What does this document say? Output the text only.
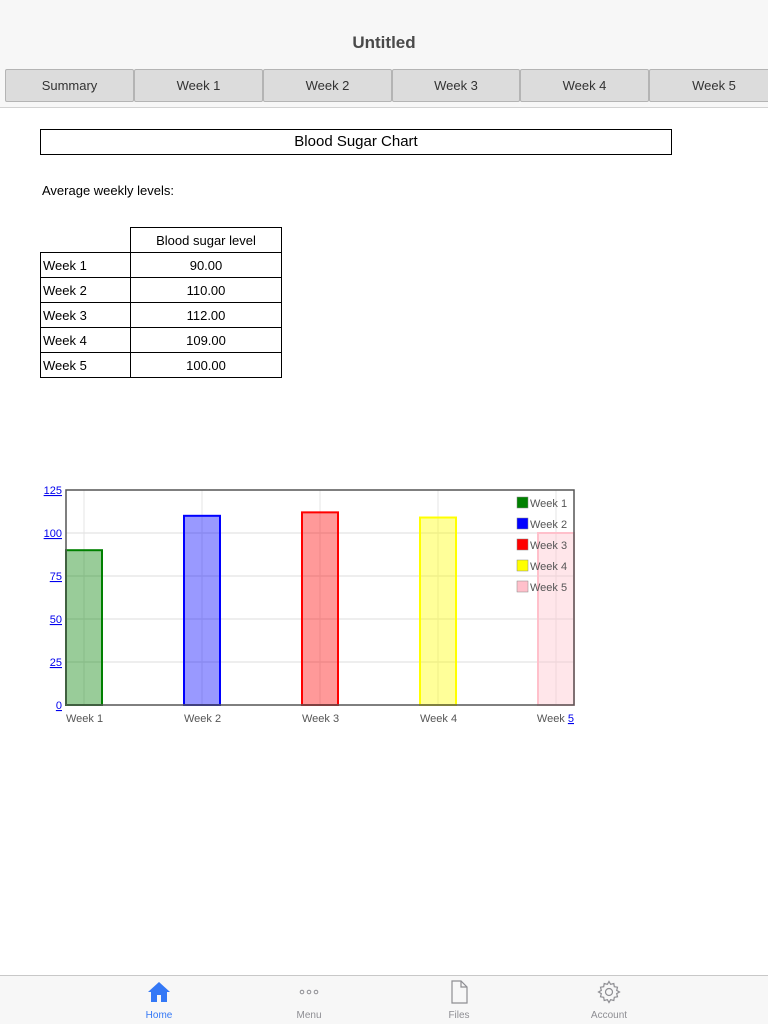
Untitled
Summary	Week 1	Week 2	Week 3	Week 4	Week 5
Blood Sugar Chart
Average weekly levels:
	Blood sugar level
Week 1	90.00
Week 2	110.00
Week 3	112.00
Week 4	109.00
Week 5	100.00
0
25
50
75
100
125
Week 1	Week 2	Week 3	Week 4	Week 5
Week 1
Week 2
Week 3
Week 4
Week 5
Home	Menu	Files	Account
